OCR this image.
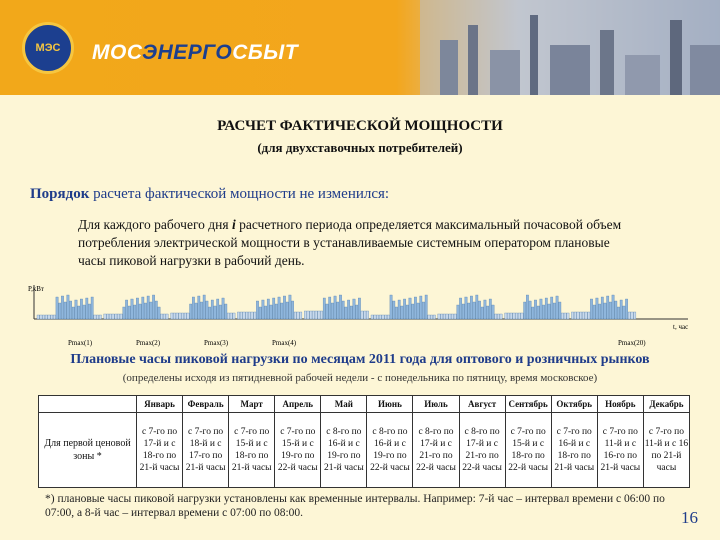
МЭС	МОСЭНЕРГОСБЫТ
РАСЧЕТ ФАКТИЧЕСКОЙ МОЩНОСТИ
(для двухставочных потребителей)
Порядок расчета фактической мощности не изменился:
Для каждого рабочего дня i расчетного периода определяется максимальный почасовой объем потребления электрической мощности в устанавливаемые системным оператором плановые часы пиковой нагрузки в рабочий день.
P,кВт
t, час
Pmax(1)	Pmax(2)	Pmax(3)	Pmax(4)	Pmax(20)
Плановые часы пиковой нагрузки по месяцам 2011 года для оптового и розничных рынков
(определены исходя из пятидневной рабочей недели - с понедельника по пятницу, время московское)
	Январь	Февраль	Март	Апрель	Май	Июнь	Июль	Август	Сентябрь	Октябрь	Ноябрь	Декабрь
Для первой ценовой зоны *	с 7-го по 17-й и с 18-го по 21-й часы	с 7-го по 18-й и с 17-го по 21-й часы	с 7-го по 15-й и с 18-го по 21-й часы	с 7-го по 15-й и с 19-го по 22-й часы	с 8-го по 16-й и с 19-го по 21-й часы	с 8-го по 16-й и с 19-го по 22-й часы	с 8-го по 17-й и с 21-го по 22-й часы	с 8-го по 17-й и с 21-го по 22-й часы	с 7-го по 15-й и с 18-го по 22-й часы	с 7-го по 16-й и с 18-го по 21-й часы	с 7-го по 11-й и с 16-го по 21-й часы	с 7-го по 11-й и с 16 по 21-й часы
*) плановые часы пиковой нагрузки установлены как временные интервалы. Например: 7-й час – интервал времени с 06:00 по 07:00, а 8-й час – интервал времени с 07:00 по 08:00.	16
